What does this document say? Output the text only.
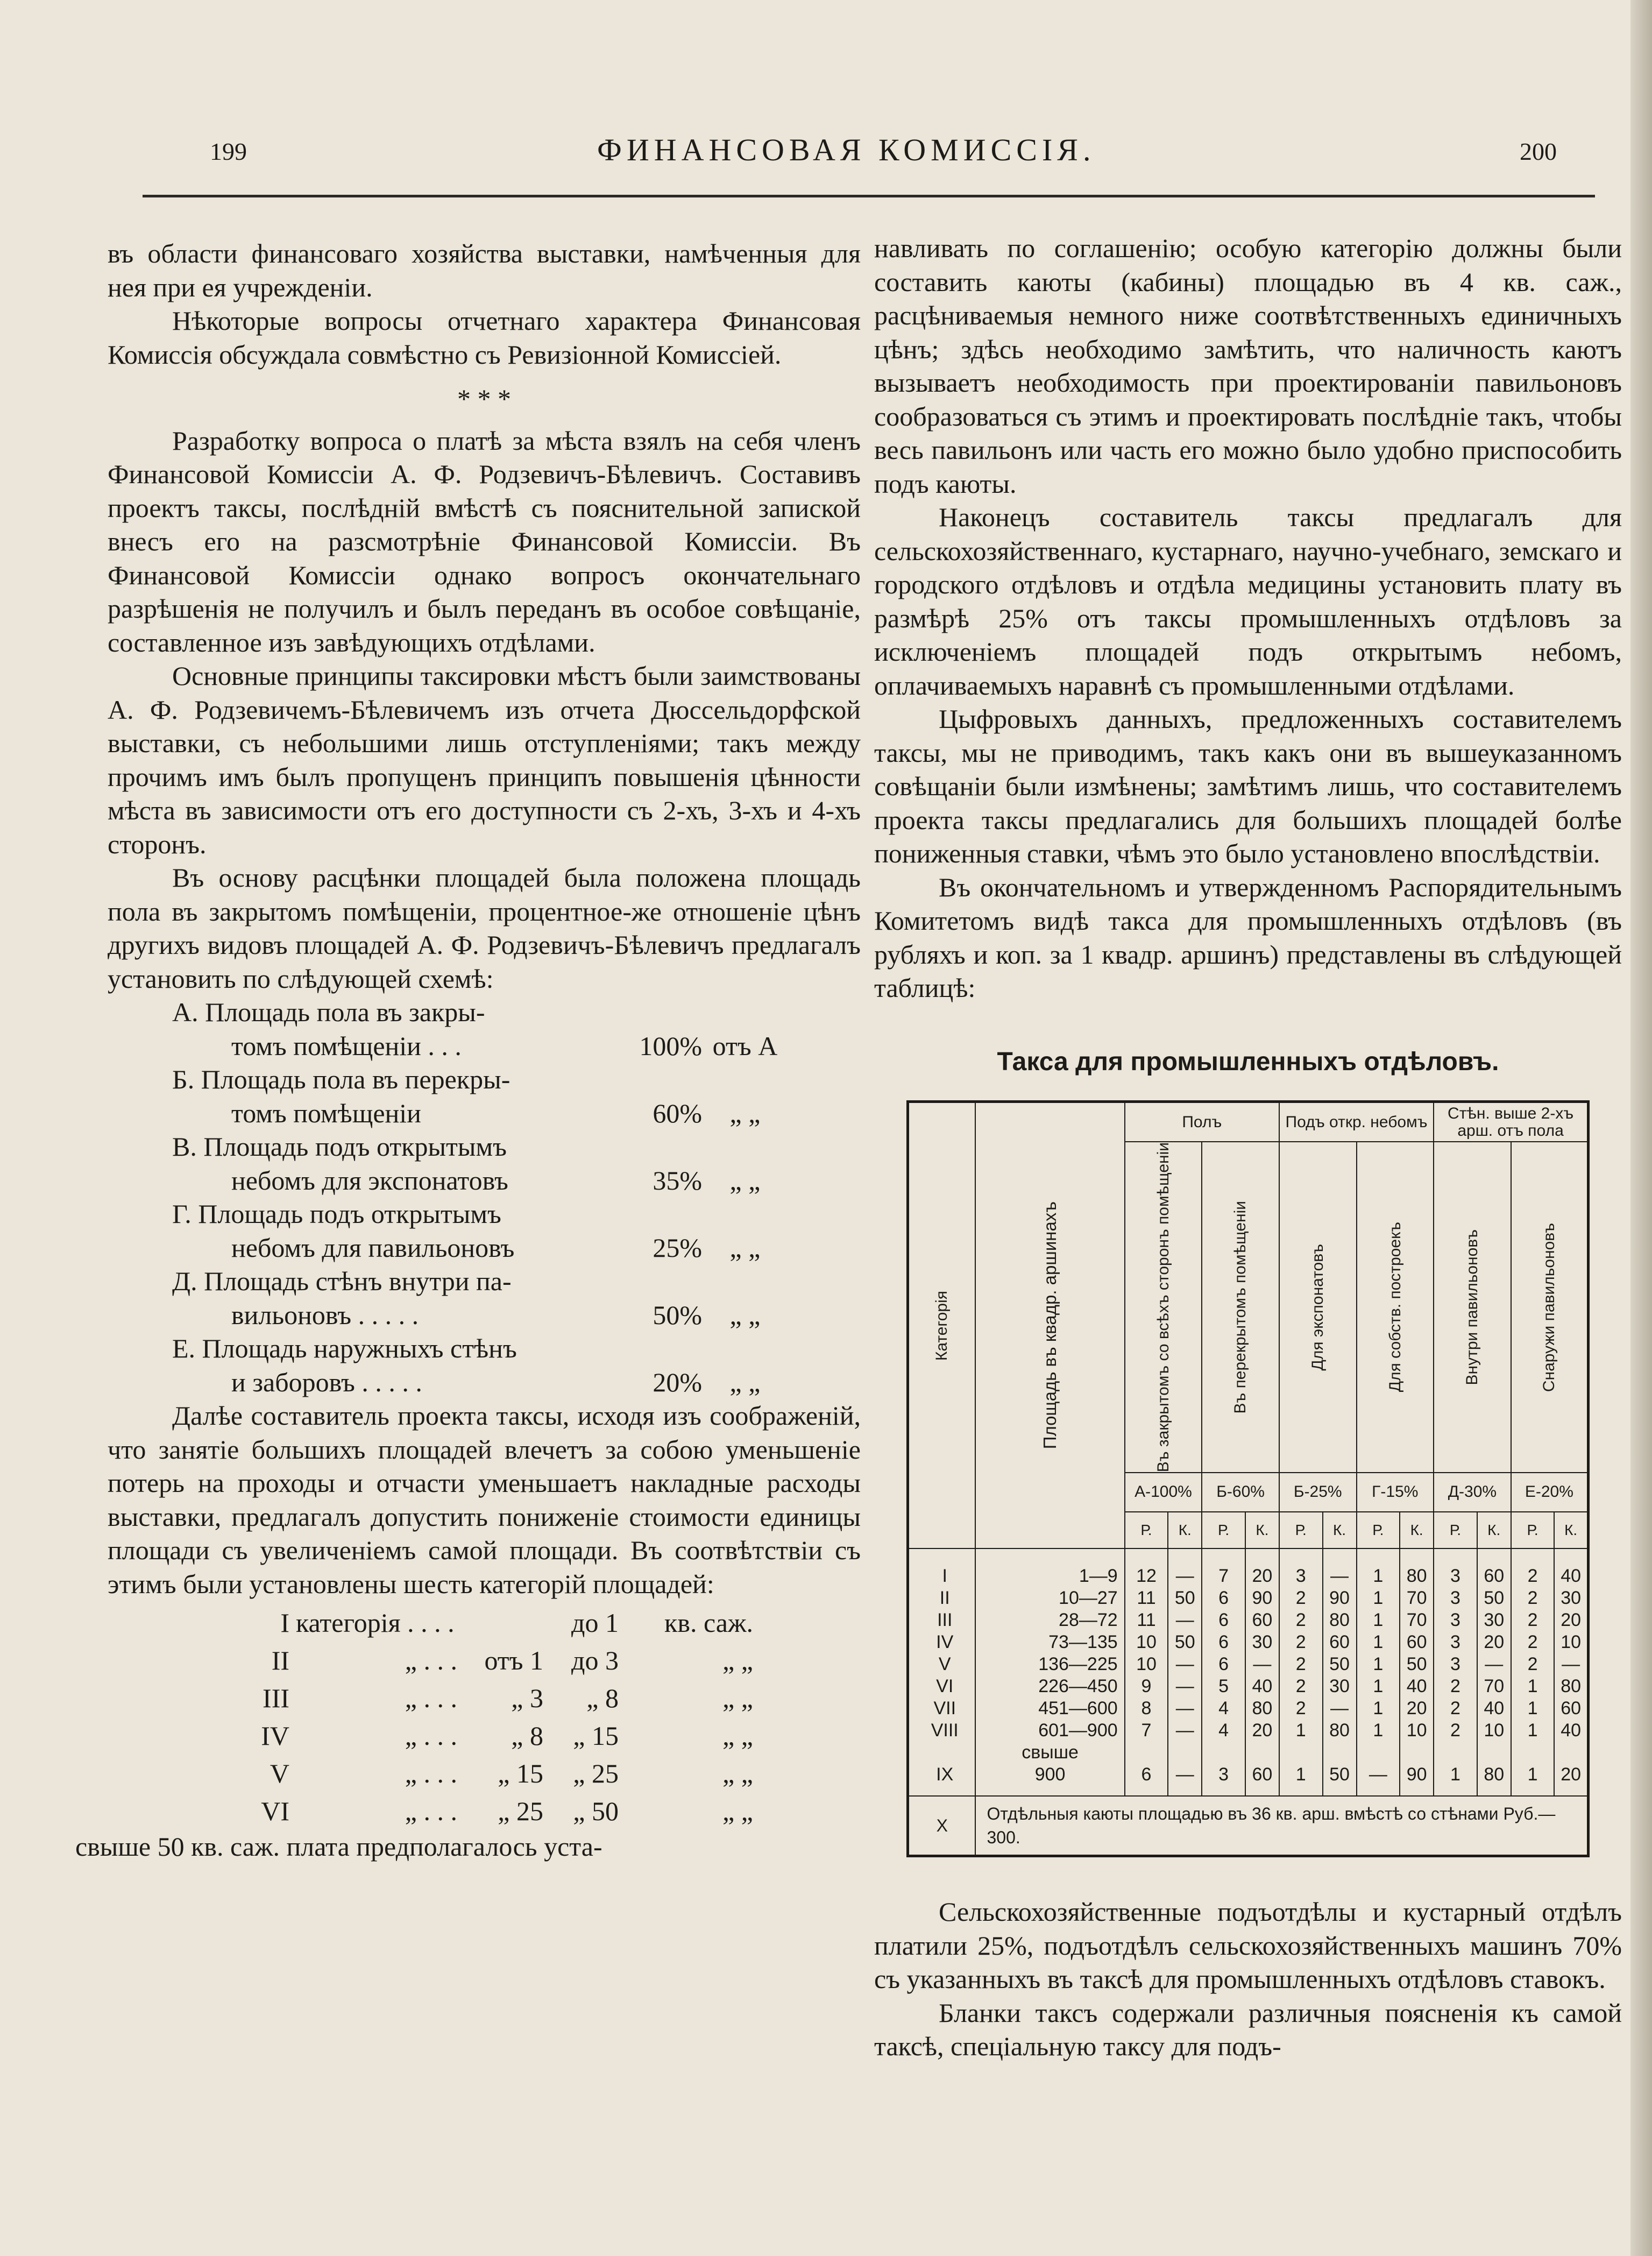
199	ФИНАНСОВАЯ КОМИССІЯ.	200

въ области финансоваго хозяйства выставки, намѣченныя для нея при ея учрежденіи.

Нѣкоторые вопросы отчетнаго характера Финансовая Комиссія обсуждала совмѣстно съ Ревизіонной Комиссіей.

* * *

Разработку вопроса о платѣ за мѣста взялъ на себя членъ Финансовой Комиссіи А. Ф. Родзевичъ-Бѣлевичъ. Составивъ проектъ таксы, послѣдній вмѣстѣ съ пояснительной запиской внесъ его на разсмотрѣніе Финансовой Комиссіи. Въ Финансовой Комиссіи однако вопросъ окончательнаго разрѣшенія не получилъ и былъ переданъ въ особое совѣщаніе, составленное изъ завѣдующихъ отдѣлами.

Основные принципы таксировки мѣстъ были заимствованы А. Ф. Родзевичемъ-Бѣлевичемъ изъ отчета Дюссельдорфской выставки, съ небольшими лишь отступленіями; такъ между прочимъ имъ былъ пропущенъ принципъ повышенія цѣнности мѣста въ зависимости отъ его доступности съ 2-хъ, 3-хъ и 4-хъ сторонъ.

Въ основу расцѣнки площадей была положена площадь пола въ закрытомъ помѣщеніи, процентное-же отношеніе цѣнъ другихъ видовъ площадей А. Ф. Родзевичъ-Бѣлевичъ предлагалъ установить по слѣдующей схемѣ:

А. Площадь пола въ закры-
томъ помѣщеніи . . .	100% отъ А
Б. Площадь пола въ перекры-
томъ помѣщеніи	60%	„ „
В. Площадь подъ открытымъ
небомъ для экспонатовъ	35%	„ „
Г. Площадь подъ открытымъ
небомъ для павильоновъ	25%	„ „
Д. Площадь стѣнъ внутри па-
вильоновъ . . . . .	50%	„ „
Е. Площадь наружныхъ стѣнъ
и заборовъ . . . . .	20%	„ „

Далѣе составитель проекта таксы, исходя изъ соображеній, что занятіе большихъ площадей влечетъ за собою уменьшеніе потерь на проходы и отчасти уменьшаетъ накладные расходы выставки, предлагалъ допустить пониженіе стоимости единицы площади съ увеличеніемъ самой площади. Въ соотвѣтствіи съ этимъ были установлены шесть категорій площадей:

I категорія . . . .	до 1	кв. саж.
II	„ . . .	отъ 1	до 3	„ „
III	„ . . .	„ 3	„ 8	„ „
IV	„ . . .	„ 8	„ 15	„ „
V	„ . . .	„ 15	„ 25	„ „
VI	„ . . .	„ 25	„ 50	„ „

свыше 50 кв. саж. плата предполагалось уста-

навливать по соглашенію; особую категорію должны были составить каюты (кабины) площадью въ 4 кв. саж., расцѣниваемыя немного ниже соотвѣтственныхъ единичныхъ цѣнъ; здѣсь необходимо замѣтить, что наличность каютъ вызываетъ необходимость при проектированіи павильоновъ сообразоваться съ этимъ и проектировать послѣдніе такъ, чтобы весь павильонъ или часть его можно было удобно приспособить подъ каюты.

Наконецъ составитель таксы предлагалъ для сельскохозяйственнаго, кустарнаго, научно-учебнаго, земскаго и городского отдѣловъ и отдѣла медицины установить плату въ размѣрѣ 25% отъ таксы промышленныхъ отдѣловъ за исключеніемъ площадей подъ открытымъ небомъ, оплачиваемыхъ наравнѣ съ промышленными отдѣлами.

Цыфровыхъ данныхъ, предложенныхъ составителемъ таксы, мы не приводимъ, такъ какъ они въ вышеуказанномъ совѣщаніи были измѣнены; замѣтимъ лишь, что составителемъ проекта таксы предлагались для большихъ площадей болѣе пониженныя ставки, чѣмъ это было установлено впослѣдствіи.

Въ окончательномъ и утвержденномъ Распорядительнымъ Комитетомъ видѣ такса для промышленныхъ отдѣловъ (въ рубляхъ и коп. за 1 квадр. аршинъ) представлены въ слѣдующей таблицѣ:

Такса для промышленныхъ отдѣловъ.
Категорія	Площадь въ квадр. аршинахъ	Полъ				Подъ откр. небомъ				Стѣн. выше 2-хъ арш. отъ пола			

		Въ закрытомъ со всѣхъ сторонъ помѣщеніи		Въ перекрытомъ помѣщеніи		Для экспонатовъ		Для собств. построекъ		Внутри павильоновъ		Снаружи павильоновъ	

		А-100%		Б-60%		Б-25%		Г-15%		Д-30%		Е-20%	
		Р.	К.	Р.	К.	Р.	К.	Р.	К.	Р.	К.	Р.	К.
I	1—9	12	—	7	20	3	—	1	80	3	60	2	40
II	10—27	11	50	6	90	2	90	1	70	3	50	2	30
III	28—72	11	—	6	60	2	80	1	70	3	30	2	20
IV	73—135	10	50	6	30	2	60	1	60	3	20	2	10
V	136—225	10	—	6	—	2	50	1	50	3	—	2	—
VI	226—450	9	—	5	40	2	30	1	40	2	70	1	80
VII	451—600	8	—	4	80	2	—	1	20	2	40	1	60
VIII	601—900	7	—	4	20	1	80	1	10	2	10	1	40
	свыше												
IX	900	6	—	3	60	1	50	—	90	1	80	1	20
X	Отдѣльныя каюты площадью въ 36 кв. арш. вмѣстѣ со стѣнами Руб.—300.												

Сельскохозяйственные подъотдѣлы и кустарный отдѣлъ платили 25%, подъотдѣлъ сельскохозяйственныхъ машинъ 70% съ указанныхъ въ таксѣ для промышленныхъ отдѣловъ ставокъ.

Бланки таксъ содержали различныя поясненія къ самой таксѣ, спеціальную таксу для подъ-
